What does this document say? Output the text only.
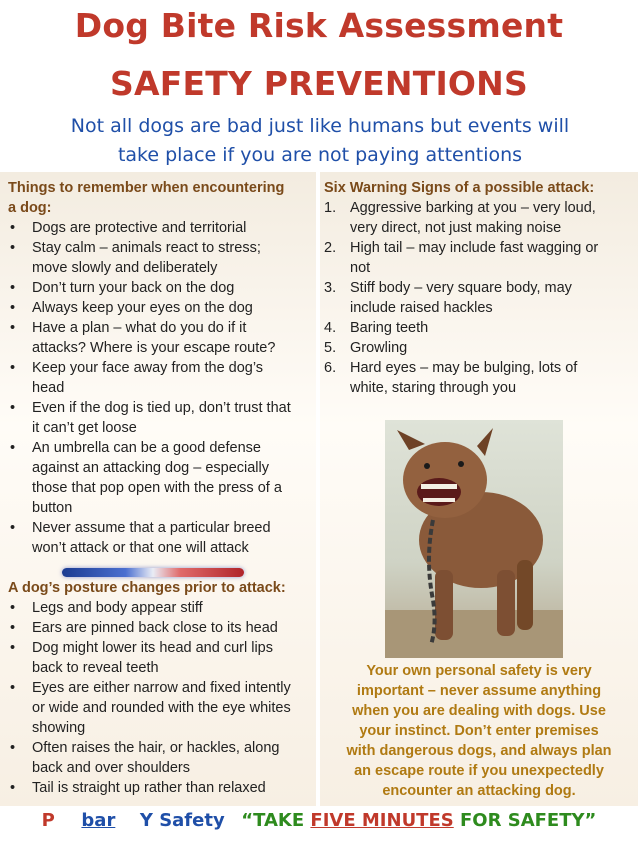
Dog Bite Risk Assessment
SAFETY PREVENTIONS
Not all dogs are bad just like humans but events will
take place if you are not paying attentions
Things to remember when encountering
a dog:
• Dogs are protective and territorial
• Stay calm – animals react to stress;
move slowly and deliberately
• Don’t turn your back on the dog
• Always keep your eyes on the dog
• Have a plan – what do you do if it
attacks? Where is your escape route?
• Keep your face away from the dog’s
head
• Even if the dog is tied up, don’t trust that
it can’t get loose
• An umbrella can be a good defense
against an attacking dog – especially
those that pop open with the press of a
button
• Never assume that a particular breed
won’t attack or that one will attack
A dog’s posture changes prior to attack:
• Legs and body appear stiff
• Ears are pinned back close to its head
• Dog might lower its head and curl lips
back to reveal teeth
• Eyes are either narrow and fixed intently
or wide and rounded with the eye whites
showing
• Often raises the hair, or hackles, along
back and over shoulders
• Tail is straight up rather than relaxed
Six Warning Signs of a possible attack:
1. Aggressive barking at you – very loud,
very direct, not just making noise
2. High tail – may include fast wagging or
not
3. Stiff body – very square body, may
include raised hackles
4. Baring teeth
5. Growling
6. Hard eyes – may be bulging, lots of
white, staring through you
Your own personal safety is very
important – never assume anything
when you are dealing with dogs. Use
your instinct. Don’t enter premises
with dangerous dogs, and always plan
an escape route if you unexpectedly
encounter an attacking dog.
P bar Y Safety “TAKE FIVE MINUTES FOR SAFETY”
